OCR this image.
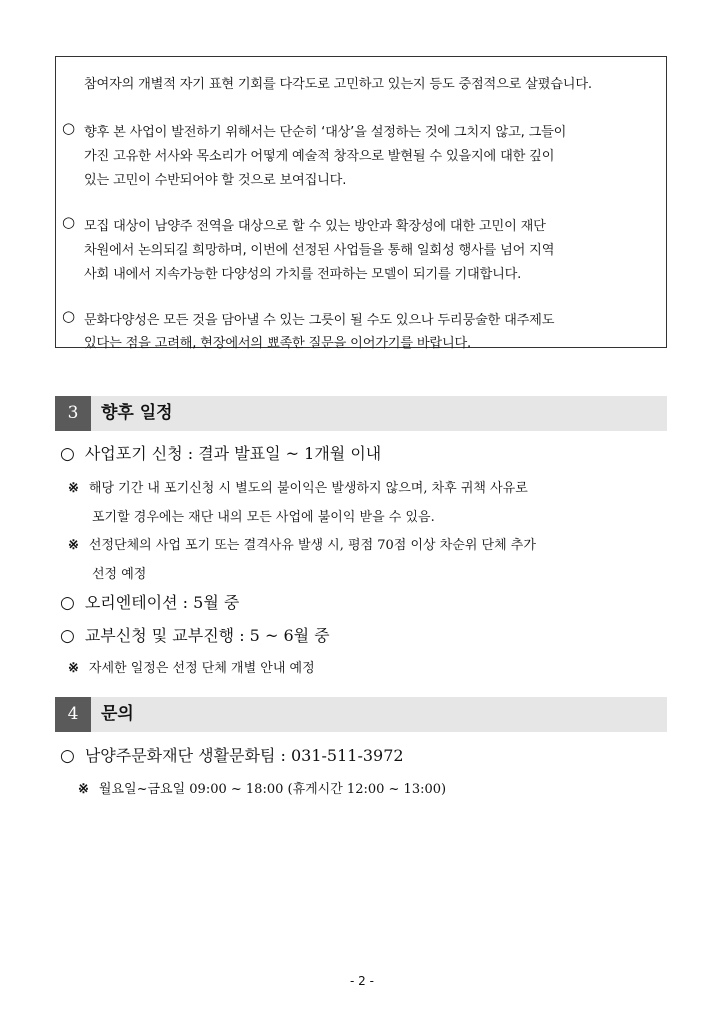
참여자의 개별적 자기 표현 기회를 다각도로 고민하고 있는지 등도 중점적으로 살폈습니다.
○ 향후 본 사업이 발전하기 위해서는 단순히 ‘대상’을 설정하는 것에 그치지 않고, 그들이
가진 고유한 서사와 목소리가 어떻게 예술적 창작으로 발현될 수 있을지에 대한 깊이
있는 고민이 수반되어야 할 것으로 보여집니다.
○ 모집 대상이 남양주 전역을 대상으로 할 수 있는 방안과 확장성에 대한 고민이 재단
차원에서 논의되길 희망하며, 이번에 선정된 사업들을 통해 일회성 행사를 넘어 지역
사회 내에서 지속가능한 다양성의 가치를 전파하는 모델이 되기를 기대합니다.
○ 문화다양성은 모든 것을 담아낼 수 있는 그릇이 될 수도 있으나 두리뭉술한 대주제도
있다는 점을 고려해, 현장에서의 뾰족한 질문을 이어가기를 바랍니다.
3	향후 일정
○ 사업포기 신청 : 결과 발표일 ~ 1개월 이내
※ 해당 기간 내 포기신청 시 별도의 불이익은 발생하지 않으며, 차후 귀책 사유로
포기할 경우에는 재단 내의 모든 사업에 불이익 받을 수 있음.
※ 선정단체의 사업 포기 또는 결격사유 발생 시, 평점 70점 이상 차순위 단체 추가
선정 예정
○ 오리엔테이션 : 5월 중
○ 교부신청 및 교부진행 : 5 ~ 6월 중
※ 자세한 일정은 선정 단체 개별 안내 예정
4	문의
○ 남양주문화재단 생활문화팀 : 031-511-3972
※ 월요일~금요일 09:00 ~ 18:00 (휴게시간 12:00 ~ 13:00)
- 2 -
